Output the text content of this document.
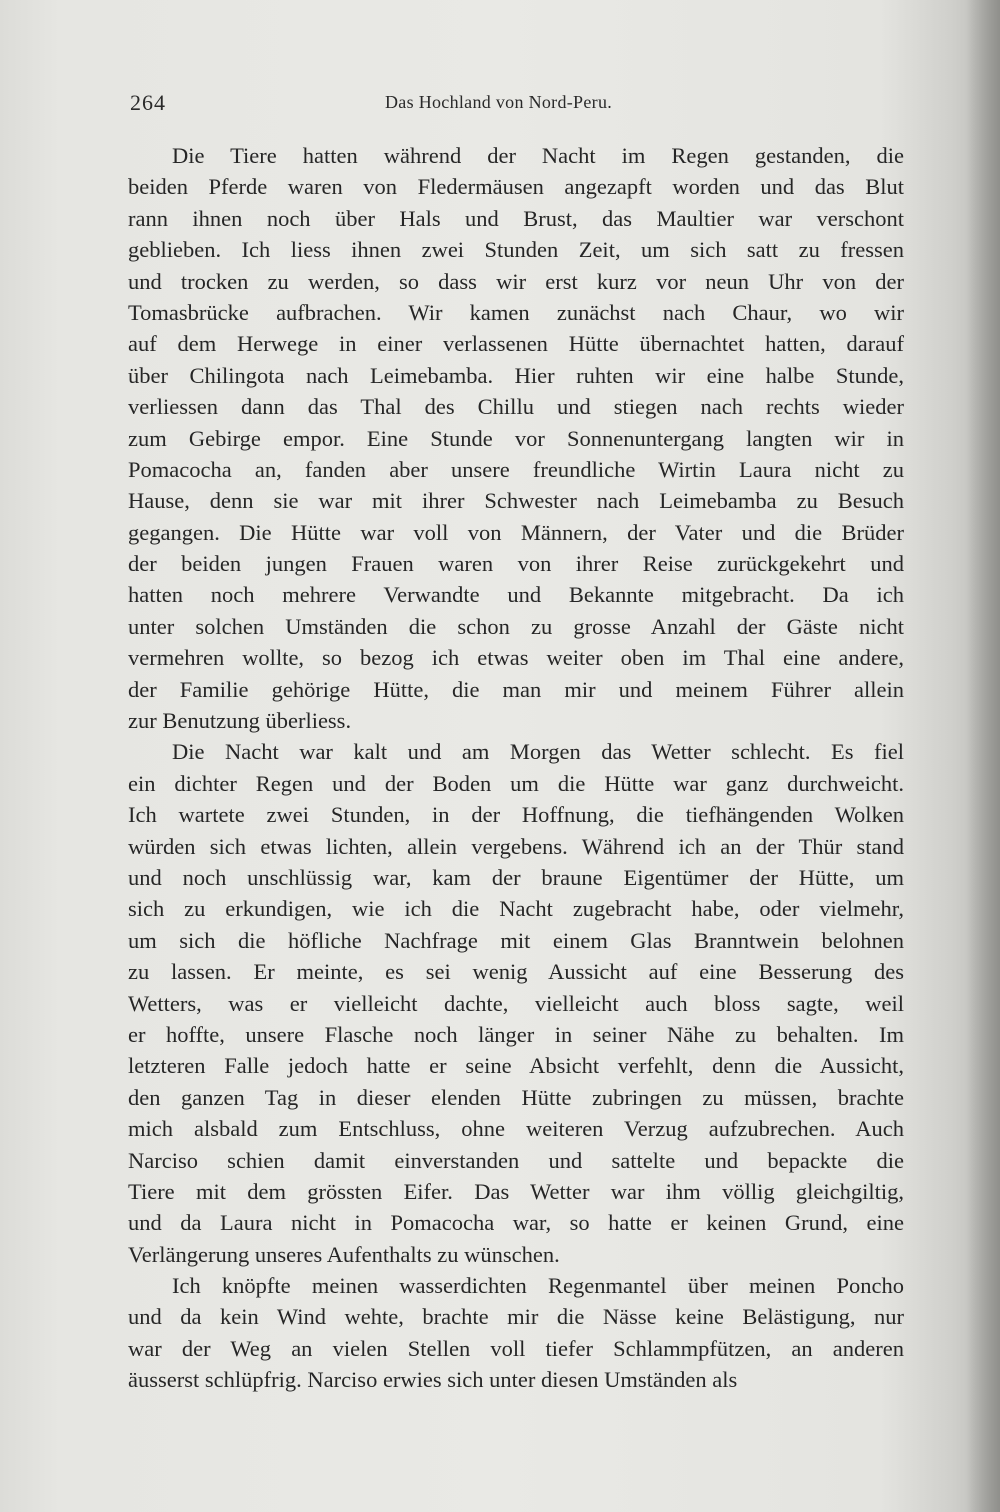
264	Das Hochland von Nord-Peru.
Die Tiere hatten während der Nacht im Regen gestanden, die
beiden Pferde waren von Fledermäusen angezapft worden und das Blut
rann ihnen noch über Hals und Brust, das Maultier war verschont
geblieben. Ich liess ihnen zwei Stunden Zeit, um sich satt zu fressen
und trocken zu werden, so dass wir erst kurz vor neun Uhr von der
Tomasbrücke aufbrachen. Wir kamen zunächst nach Chaur, wo wir
auf dem Herwege in einer verlassenen Hütte übernachtet hatten, darauf
über Chilingota nach Leimebamba. Hier ruhten wir eine halbe Stunde,
verliessen dann das Thal des Chillu und stiegen nach rechts wieder
zum Gebirge empor. Eine Stunde vor Sonnenuntergang langten wir in
Pomacocha an, fanden aber unsere freundliche Wirtin Laura nicht zu
Hause, denn sie war mit ihrer Schwester nach Leimebamba zu Besuch
gegangen. Die Hütte war voll von Männern, der Vater und die Brüder
der beiden jungen Frauen waren von ihrer Reise zurückgekehrt und
hatten noch mehrere Verwandte und Bekannte mitgebracht. Da ich
unter solchen Umständen die schon zu grosse Anzahl der Gäste nicht
vermehren wollte, so bezog ich etwas weiter oben im Thal eine andere,
der Familie gehörige Hütte, die man mir und meinem Führer allein
zur Benutzung überliess.
Die Nacht war kalt und am Morgen das Wetter schlecht. Es fiel
ein dichter Regen und der Boden um die Hütte war ganz durchweicht.
Ich wartete zwei Stunden, in der Hoffnung, die tiefhängenden Wolken
würden sich etwas lichten, allein vergebens. Während ich an der Thür stand
und noch unschlüssig war, kam der braune Eigentümer der Hütte, um
sich zu erkundigen, wie ich die Nacht zugebracht habe, oder vielmehr,
um sich die höfliche Nachfrage mit einem Glas Branntwein belohnen
zu lassen. Er meinte, es sei wenig Aussicht auf eine Besserung des
Wetters, was er vielleicht dachte, vielleicht auch bloss sagte, weil
er hoffte, unsere Flasche noch länger in seiner Nähe zu behalten. Im
letzteren Falle jedoch hatte er seine Absicht verfehlt, denn die Aussicht,
den ganzen Tag in dieser elenden Hütte zubringen zu müssen, brachte
mich alsbald zum Entschluss, ohne weiteren Verzug aufzubrechen. Auch
Narciso schien damit einverstanden und sattelte und bepackte die
Tiere mit dem grössten Eifer. Das Wetter war ihm völlig gleichgiltig,
und da Laura nicht in Pomacocha war, so hatte er keinen Grund, eine
Verlängerung unseres Aufenthalts zu wünschen.
Ich knöpfte meinen wasserdichten Regenmantel über meinen Poncho
und da kein Wind wehte, brachte mir die Nässe keine Belästigung, nur
war der Weg an vielen Stellen voll tiefer Schlammpfützen, an anderen
äusserst schlüpfrig. Narciso erwies sich unter diesen Umständen als
